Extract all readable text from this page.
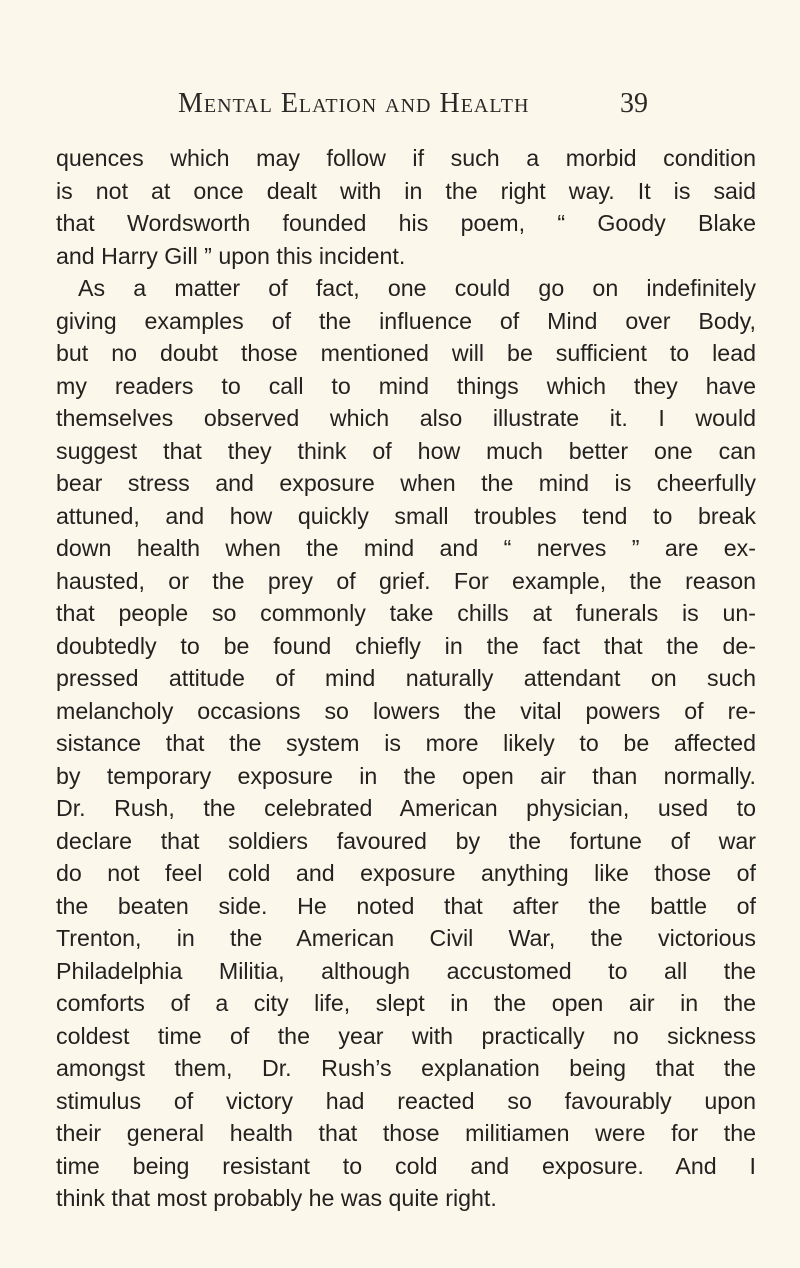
Mental Elation and Health	39
quences which may follow if such a morbid condition
is not at once dealt with in the right way. It is said
that Wordsworth founded his poem, “ Goody Blake
and Harry Gill ” upon this incident.
As a matter of fact, one could go on indefinitely
giving examples of the influence of Mind over Body,
but no doubt those mentioned will be sufficient to lead
my readers to call to mind things which they have
themselves observed which also illustrate it. I would
suggest that they think of how much better one can
bear stress and exposure when the mind is cheerfully
attuned, and how quickly small troubles tend to break
down health when the mind and “ nerves ” are ex-
hausted, or the prey of grief. For example, the reason
that people so commonly take chills at funerals is un-
doubtedly to be found chiefly in the fact that the de-
pressed attitude of mind naturally attendant on such
melancholy occasions so lowers the vital powers of re-
sistance that the system is more likely to be affected
by temporary exposure in the open air than normally.
Dr. Rush, the celebrated American physician, used to
declare that soldiers favoured by the fortune of war
do not feel cold and exposure anything like those of
the beaten side. He noted that after the battle of
Trenton, in the American Civil War, the victorious
Philadelphia Militia, although accustomed to all the
comforts of a city life, slept in the open air in the
coldest time of the year with practically no sickness
amongst them, Dr. Rush’s explanation being that the
stimulus of victory had reacted so favourably upon
their general health that those militiamen were for the
time being resistant to cold and exposure. And I
think that most probably he was quite right.
